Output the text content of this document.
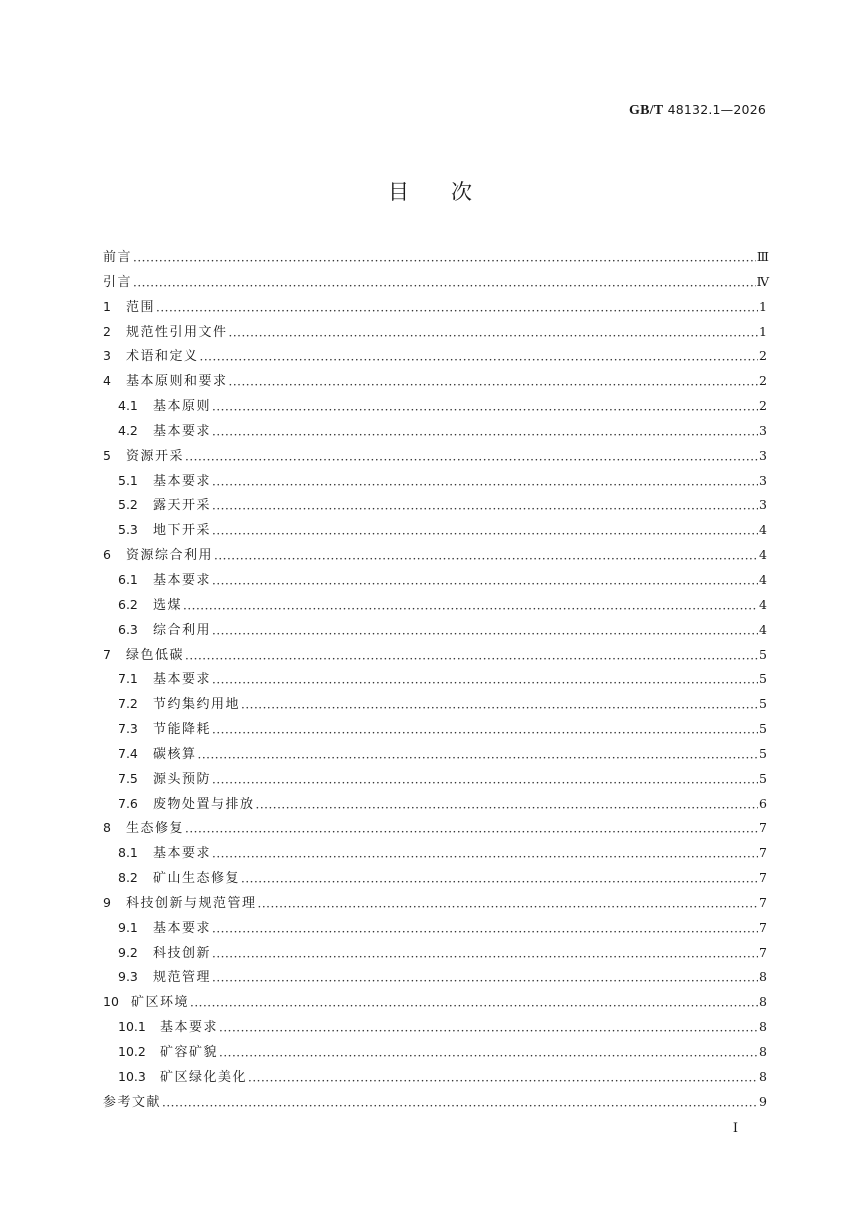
GB/T 48132.1—2026
目 次
前言 ·····	Ⅲ
引言 ·····	Ⅳ
1	范围 ·····	1
2	规范性引用文件 ·····	1
3	术语和定义 ·····	2
4	基本原则和要求 ·····	2
4.1	基本原则 ·····	2
4.2	基本要求 ·····	3
5	资源开采 ·····	3
5.1	基本要求 ·····	3
5.2	露天开采 ·····	3
5.3	地下开采 ·····	4
6	资源综合利用 ·····	4
6.1	基本要求 ·····	4
6.2	选煤 ·····	4
6.3	综合利用 ·····	4
7	绿色低碳 ·····	5
7.1	基本要求 ·····	5
7.2	节约集约用地 ·····	5
7.3	节能降耗 ·····	5
7.4	碳核算 ·····	5
7.5	源头预防 ·····	5
7.6	废物处置与排放 ·····	6
8	生态修复 ·····	7
8.1	基本要求 ·····	7
8.2	矿山生态修复 ·····	7
9	科技创新与规范管理 ·····	7
9.1	基本要求 ·····	7
9.2	科技创新 ·····	7
9.3	规范管理 ·····	8
10 矿区环境 ·····	8
10.1	基本要求 ·····	8
10.2	矿容矿貌 ·····	8
10.3	矿区绿化美化 ·····	8
参考文献 ·····	9
Ⅰ
